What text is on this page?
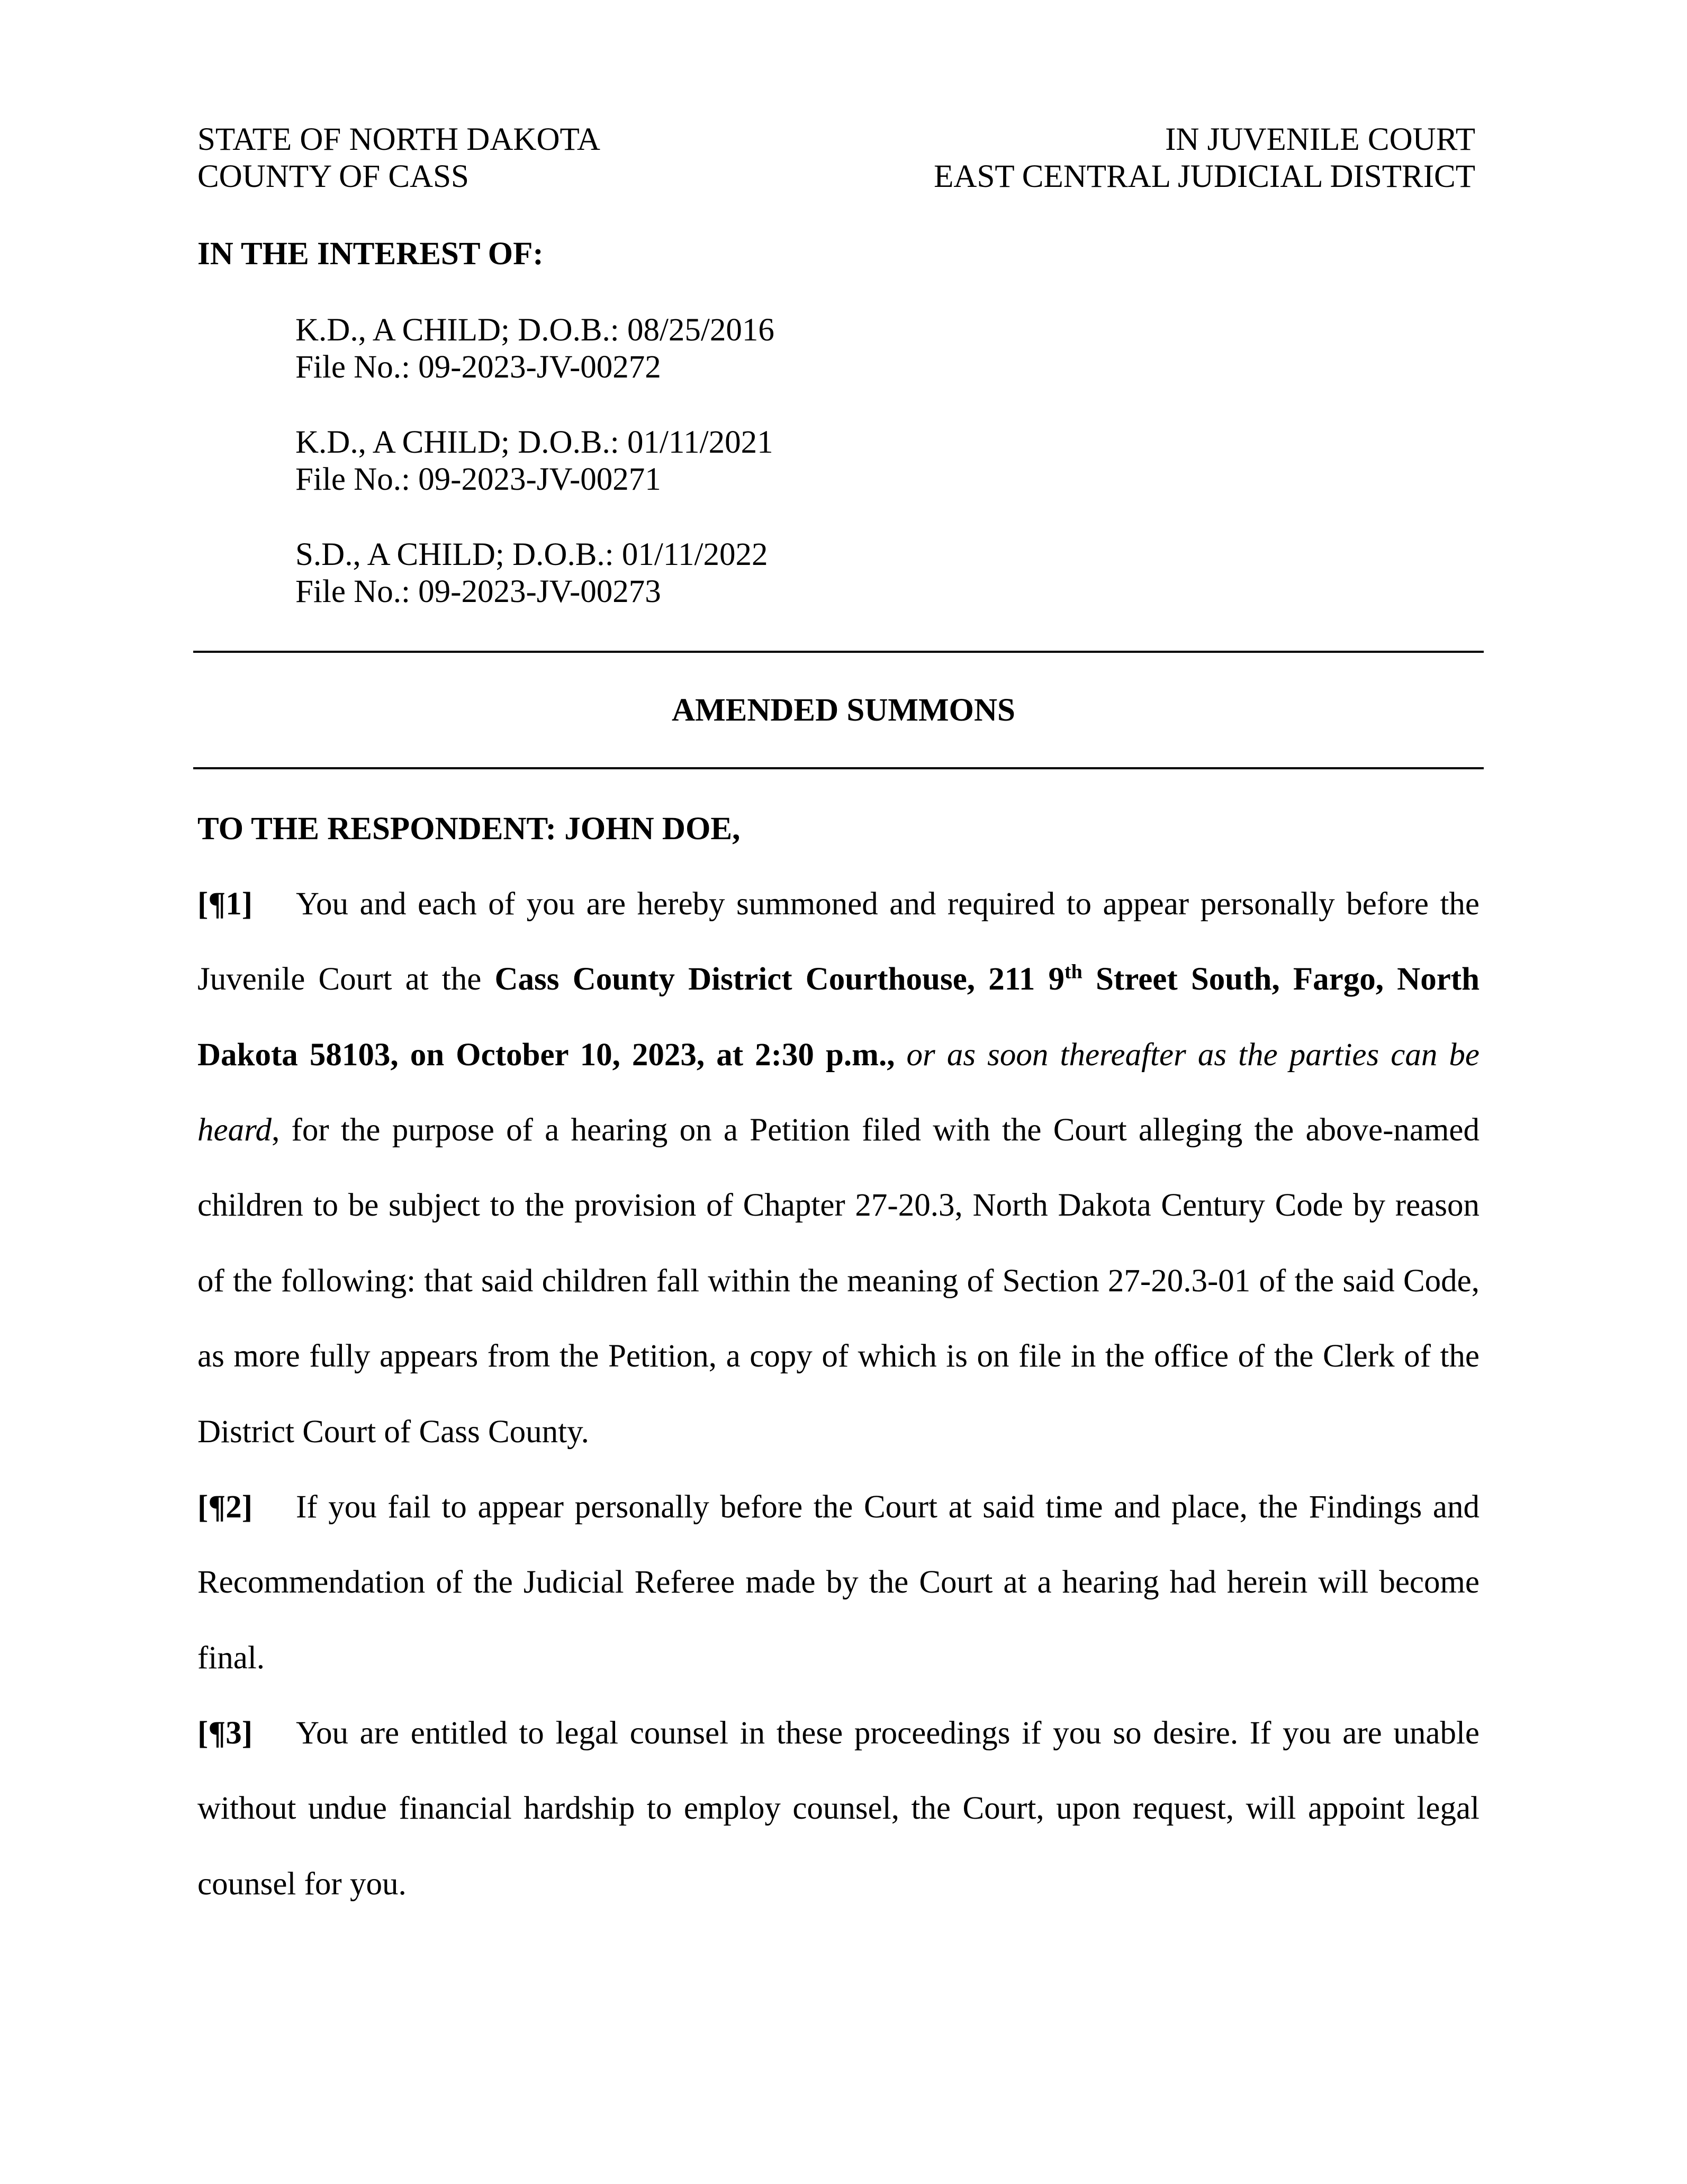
STATE OF NORTH DAKOTA
COUNTY OF CASS
IN JUVENILE COURT
EAST CENTRAL JUDICIAL DISTRICT
IN THE INTEREST OF:
K.D., A CHILD; D.O.B.: 08/25/2016
File No.: 09-2023-JV-00272
K.D., A CHILD; D.O.B.: 01/11/2021
File No.: 09-2023-JV-00271
S.D., A CHILD; D.O.B.: 01/11/2022
File No.: 09-2023-JV-00273
AMENDED SUMMONS
TO THE RESPONDENT: JOHN DOE,
[¶1] You and each of you are hereby summoned and required to appear personally before the
Juvenile Court at the Cass County District Courthouse, 211 9th Street South, Fargo, North
Dakota 58103, on October 10, 2023, at 2:30 p.m., or as soon thereafter as the parties can be
heard, for the purpose of a hearing on a Petition filed with the Court alleging the above-named
children to be subject to the provision of Chapter 27-20.3, North Dakota Century Code by reason
of the following: that said children fall within the meaning of Section 27-20.3-01 of the said Code,
as more fully appears from the Petition, a copy of which is on file in the office of the Clerk of the
District Court of Cass County.
[¶2] If you fail to appear personally before the Court at said time and place, the Findings and
Recommendation of the Judicial Referee made by the Court at a hearing had herein will become
final.
[¶3] You are entitled to legal counsel in these proceedings if you so desire. If you are unable
without undue financial hardship to employ counsel, the Court, upon request, will appoint legal
counsel for you.
